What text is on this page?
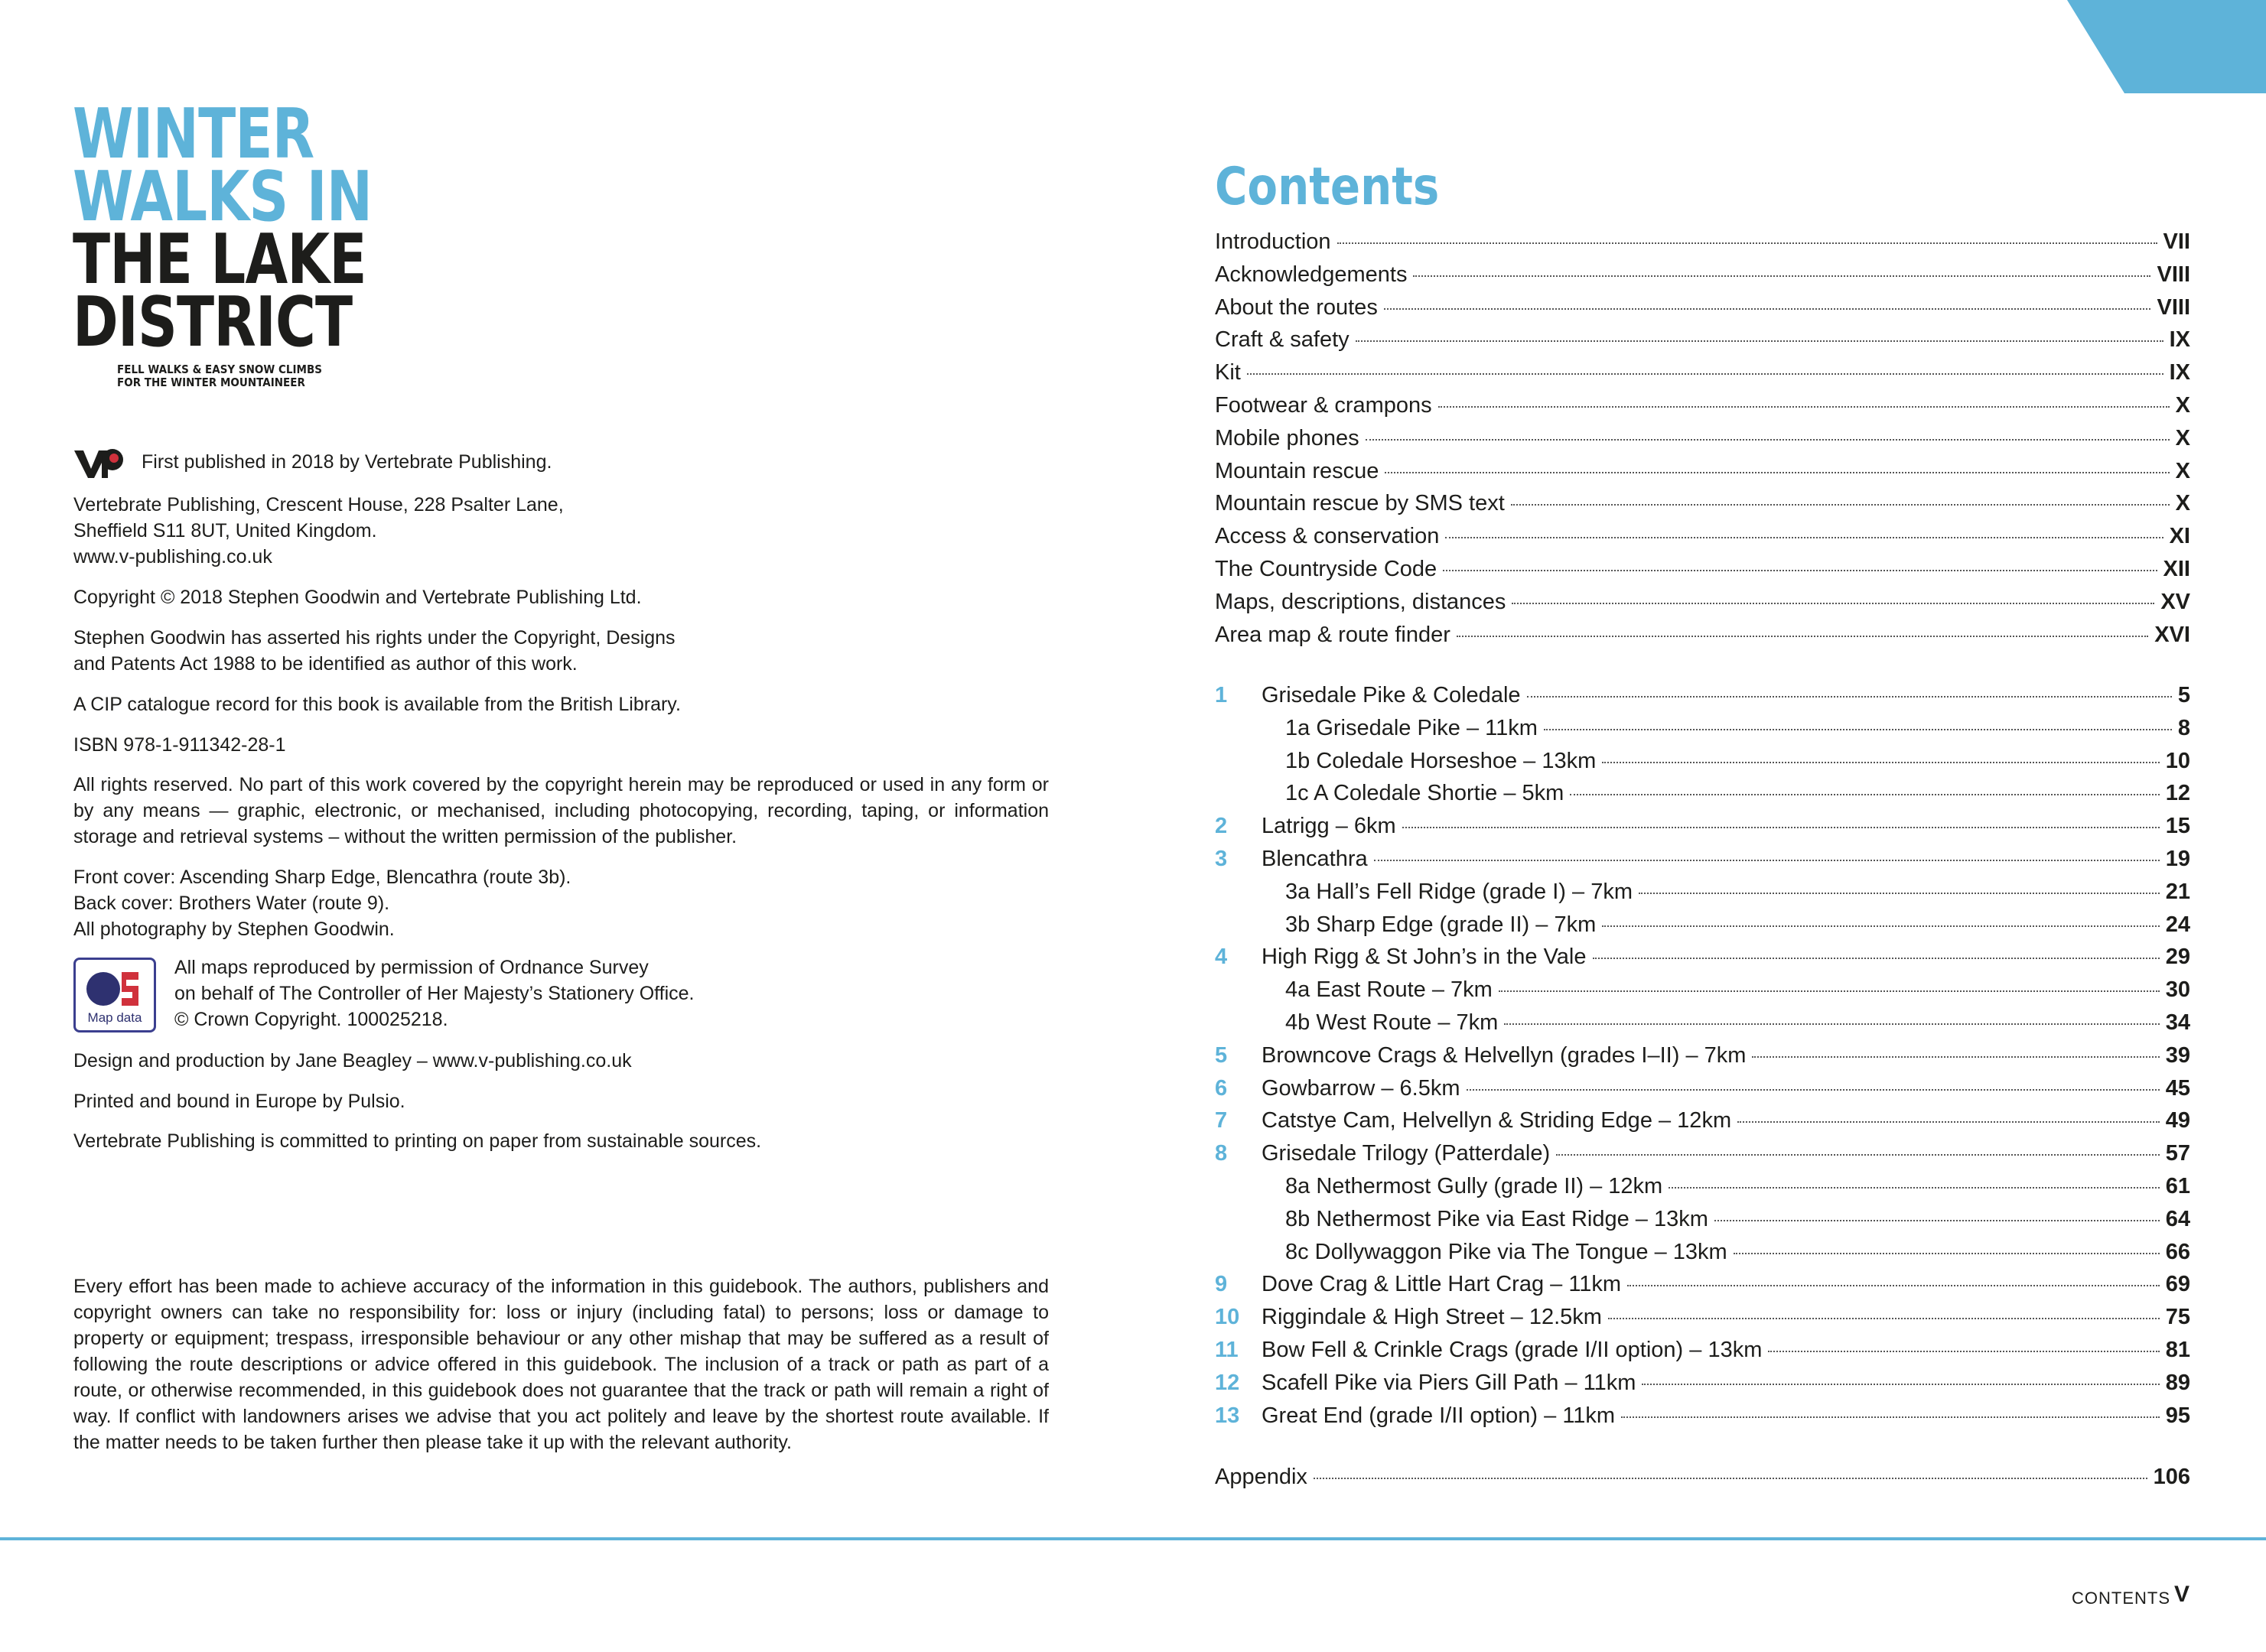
WINTER
WALKS IN
THE LAKE
DISTRICT
FELL WALKS & EASY SNOW CLIMBS
FOR THE WINTER MOUNTAINEER
First published in 2018 by Vertebrate Publishing.

Vertebrate Publishing, Crescent House, 228 Psalter Lane,

Sheffield S11 8UT, United Kingdom.

www.v-publishing.co.uk

Copyright © 2018 Stephen Goodwin and Vertebrate Publishing Ltd.

Stephen Goodwin has asserted his rights under the Copyright, Designs

and Patents Act 1988 to be identified as author of this work.

A CIP catalogue record for this book is available from the British Library.
ISBN 978-1-911342-28-1
All rights reserved. No part of this work covered by the copyright herein may be reproduced or used in any form or by any means — graphic, electronic, or mechanised, including photocopying, recording, taping, or information storage and retrieval systems – without the written permission of the publisher.

Front cover: Ascending Sharp Edge, Blencathra (route 3b).

Back cover: Brothers Water (route 9).

All photography by Stephen Goodwin.

Map data
All maps reproduced by permission of Ordnance Survey
on behalf of The Controller of Her Majesty’s Stationery Office.
© Crown Copyright. 100025218.
Design and production by Jane Beagley – www.v-publishing.co.uk
Printed and bound in Europe by Pulsio.
Vertebrate Publishing is committed to printing on paper from sustainable sources.
Every effort has been made to achieve accuracy of the information in this guidebook. The authors, publishers and copyright owners can take no responsibility for: loss or injury (including fatal) to persons; loss or damage to property or equipment; trespass, irresponsible behaviour or any other mishap that may be suffered as a result of following the route descriptions or advice offered in this guidebook. The inclusion of a track or path as part of a route, or otherwise recommended, in this guidebook does not guarantee that the track or path will remain a right of way. If conflict with landowners arises we advise that you act politely and leave by the shortest route available. If the matter needs to be taken further then please take it up with the relevant authority.
Contents
Introduction	VII
Acknowledgements	VIII
About the routes	VIII
Craft & safety	IX
Kit	IX
Footwear & crampons	X
Mobile phones	X
Mountain rescue	X
Mountain rescue by SMS text	X
Access & conservation	XI
The Countryside Code	XII
Maps, descriptions, distances	XV
Area map & route finder	XVI
1 Grisedale Pike & Coledale	5
1a Grisedale Pike – 11km	8
1b Coledale Horseshoe – 13km	10
1c A Coledale Shortie – 5km	12
2 Latrigg – 6km	15
3 Blencathra	19
3a Hall’s Fell Ridge (grade I) – 7km	21
3b Sharp Edge (grade II) – 7km	24
4 High Rigg & St John’s in the Vale	29
4a East Route – 7km	30
4b West Route – 7km	34
5 Browncove Crags & Helvellyn (grades I–II) – 7km	39
6 Gowbarrow – 6.5km	45
7 Catstye Cam, Helvellyn & Striding Edge – 12km	49
8 Grisedale Trilogy (Patterdale)	57
8a Nethermost Gully (grade II) – 12km	61
8b Nethermost Pike via East Ridge – 13km	64
8c Dollywaggon Pike via The Tongue – 13km	66
9 Dove Crag & Little Hart Crag – 11km	69
10 Riggindale & High Street – 12.5km	75
11 Bow Fell & Crinkle Crags (grade I/II option) – 13km	81
12 Scafell Pike via Piers Gill Path – 11km	89
13 Great End (grade I/II option) – 11km	95
Appendix	106
CONTENTS V
